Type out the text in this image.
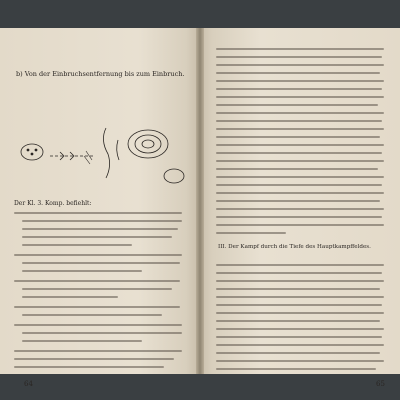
b) Von der Einbruchsentfernung bis zum Einbruch.
Der Kl. 3. Komp. befiehlt:
64
III. Der Kampf durch die Tiefe des Hauptkampffeldes.
65
